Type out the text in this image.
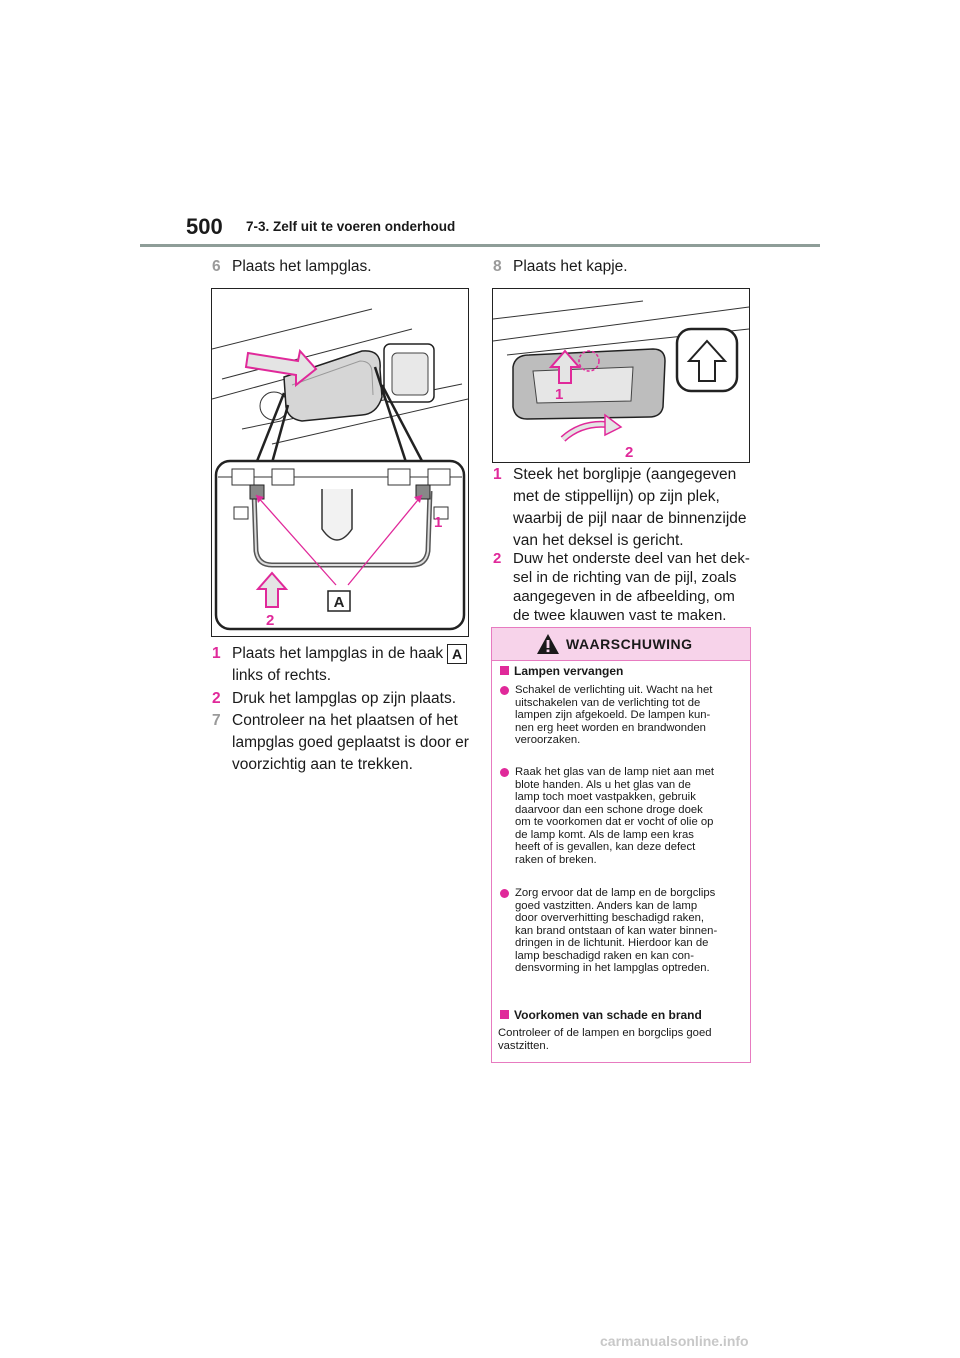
500 7-3. Zelf uit te voeren onderhoud
6 Plaats het lampglas.
A
1
2
1 Plaats het lampglas in de haak A
links of rechts.
2 Druk het lampglas op zijn plaats.
7 Controleer na het plaatsen of het
lampglas goed geplaatst is door er
voorzichtig aan te trekken.
8 Plaats het kapje.
1
2
1 Steek het borglipje (aangegeven
met de stippellijn) op zijn plek,
waarbij de pijl naar de binnenzijde
van het deksel is gericht.
2 Duw het onderste deel van het dek-
sel in de richting van de pijl, zoals
aangegeven in de afbeelding, om
de twee klauwen vast te maken.
WAARSCHUWING
Lampen vervangen
Schakel de verlichting uit. Wacht na het
uitschakelen van de verlichting tot de
lampen zijn afgekoeld. De lampen kun-
nen erg heet worden en brandwonden
veroorzaken.
Raak het glas van de lamp niet aan met
blote handen. Als u het glas van de
lamp toch moet vastpakken, gebruik
daarvoor dan een schone droge doek
om te voorkomen dat er vocht of olie op
de lamp komt. Als de lamp een kras
heeft of is gevallen, kan deze defect
raken of breken.
Zorg ervoor dat de lamp en de borgclips
goed vastzitten. Anders kan de lamp
door oververhitting beschadigd raken,
kan brand ontstaan of kan water binnen-
dringen in de lichtunit. Hierdoor kan de
lamp beschadigd raken en kan con-
densvorming in het lampglas optreden.
Voorkomen van schade en brand
Controleer of de lampen en borgclips goed
vastzitten.
carmanualsonline.info
